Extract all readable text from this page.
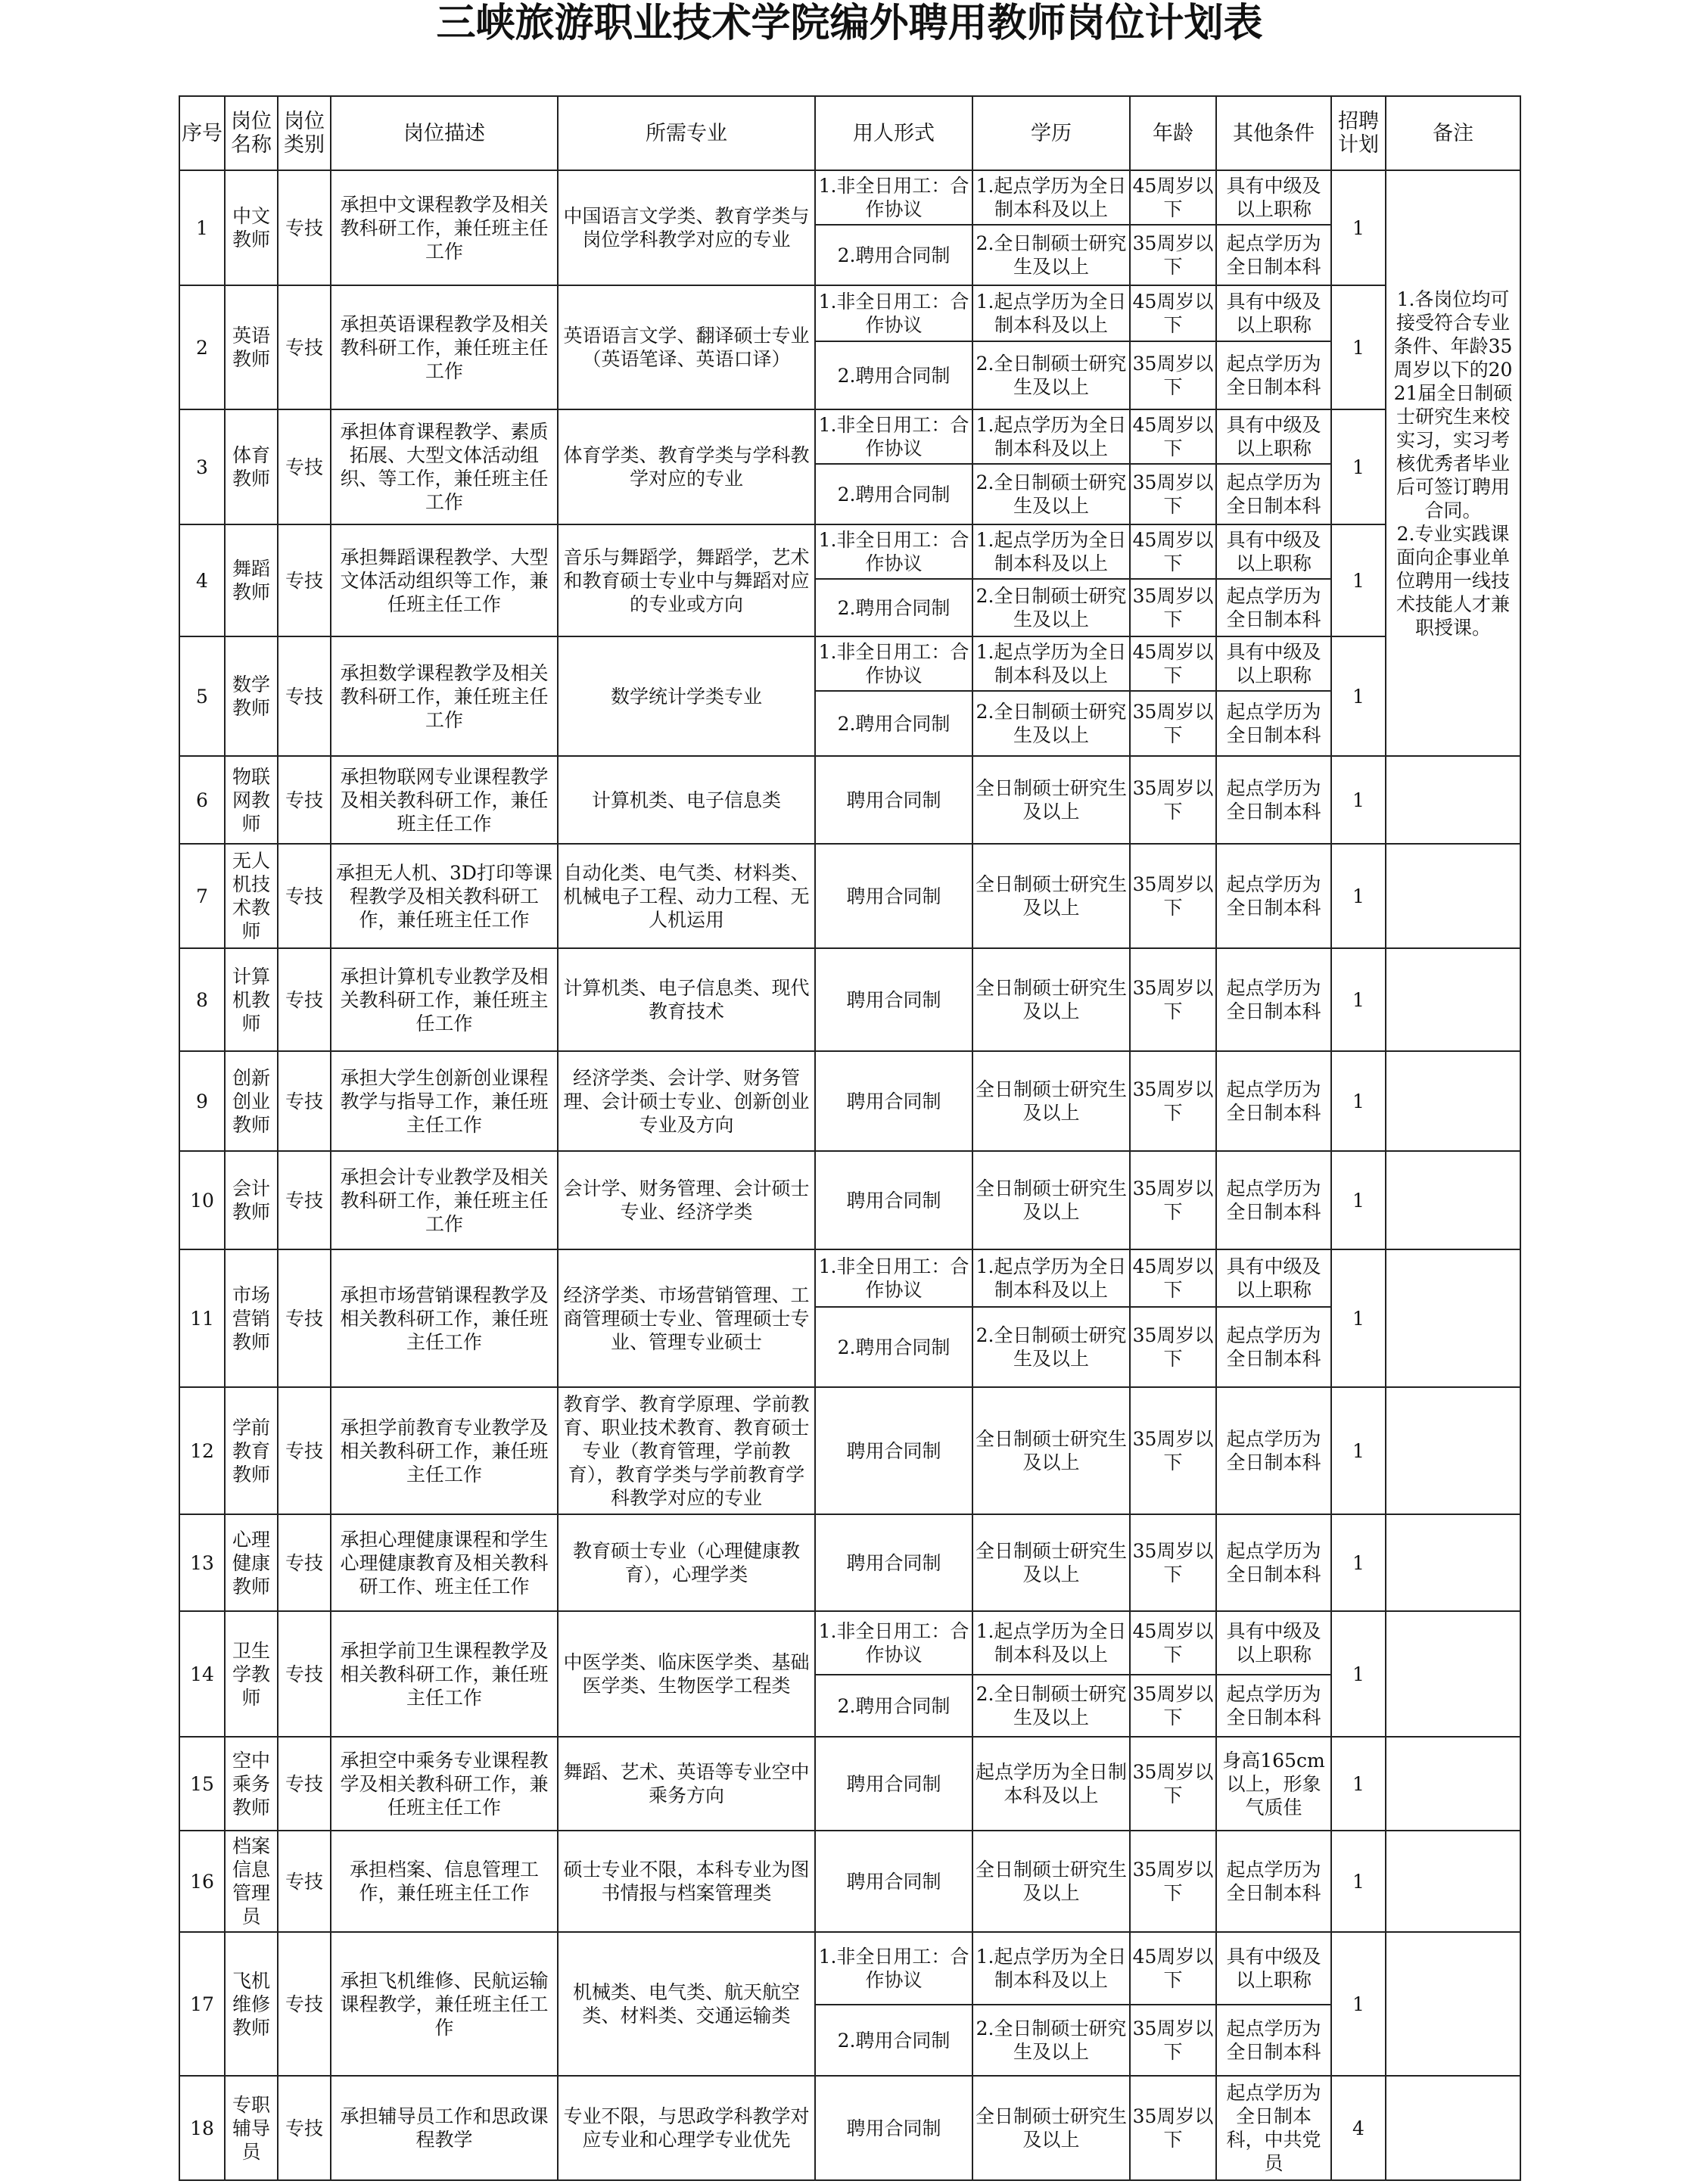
三峡旅游职业技术学院编外聘用教师岗位计划表
序号	岗位名称	岗位类别	岗位描述	所需专业	用人形式	学历	年龄	其他条件	招聘计划	备注
1	中文教师	专技	承担中文课程教学及相关教科研工作，兼任班主任工作	中国语言文学类、教育学类与岗位学科教学对应的专业	1.非全日用工：合作协议	1.起点学历为全日制本科及以上	45周岁以下	具有中级及以上职称	1	1.各岗位均可接受符合专业条件、年龄35周岁以下的2021届全日制硕士研究生来校实习，实习考核优秀者毕业后可签订聘用合同。
2.专业实践课面向企事业单位聘用一线技术技能人才兼职授课。
					2.聘用合同制	2.全日制硕士研究生及以上	35周岁以下	起点学历为全日制本科		
2	英语教师	专技	承担英语课程教学及相关教科研工作，兼任班主任工作	英语语言文学、翻译硕士专业（英语笔译、英语口译）	1.非全日用工：合作协议	1.起点学历为全日制本科及以上	45周岁以下	具有中级及以上职称	1	
					2.聘用合同制	2.全日制硕士研究生及以上	35周岁以下	起点学历为全日制本科		
3	体育教师	专技	承担体育课程教学、素质拓展、大型文体活动组织、等工作，兼任班主任工作	体育学类、教育学类与学科教学对应的专业	1.非全日用工：合作协议	1.起点学历为全日制本科及以上	45周岁以下	具有中级及以上职称	1	
					2.聘用合同制	2.全日制硕士研究生及以上	35周岁以下	起点学历为全日制本科		
4	舞蹈教师	专技	承担舞蹈课程教学、大型文体活动组织等工作，兼任班主任工作	音乐与舞蹈学，舞蹈学，艺术和教育硕士专业中与舞蹈对应的专业或方向	1.非全日用工：合作协议	1.起点学历为全日制本科及以上	45周岁以下	具有中级及以上职称	1	
					2.聘用合同制	2.全日制硕士研究生及以上	35周岁以下	起点学历为全日制本科		
5	数学教师	专技	承担数学课程教学及相关教科研工作，兼任班主任工作	数学统计学类专业	1.非全日用工：合作协议	1.起点学历为全日制本科及以上	45周岁以下	具有中级及以上职称	1	
					2.聘用合同制	2.全日制硕士研究生及以上	35周岁以下	起点学历为全日制本科		
6	物联网教师	专技	承担物联网专业课程教学及相关教科研工作，兼任班主任工作	计算机类、电子信息类	聘用合同制	全日制硕士研究生及以上	35周岁以下	起点学历为全日制本科	1	
7	无人机技术教师	专技	承担无人机、3D打印等课程教学及相关教科研工作，兼任班主任工作	自动化类、电气类、材料类、机械电子工程、动力工程、无人机运用	聘用合同制	全日制硕士研究生及以上	35周岁以下	起点学历为全日制本科	1	
8	计算机教师	专技	承担计算机专业教学及相关教科研工作，兼任班主任工作	计算机类、电子信息类、现代教育技术	聘用合同制	全日制硕士研究生及以上	35周岁以下	起点学历为全日制本科	1	
9	创新创业教师	专技	承担大学生创新创业课程教学与指导工作，兼任班主任工作	经济学类、会计学、财务管理、会计硕士专业、创新创业专业及方向	聘用合同制	全日制硕士研究生及以上	35周岁以下	起点学历为全日制本科	1	
10	会计教师	专技	承担会计专业教学及相关教科研工作，兼任班主任工作	会计学、财务管理、会计硕士专业、经济学类	聘用合同制	全日制硕士研究生及以上	35周岁以下	起点学历为全日制本科	1	
11	市场营销教师	专技	承担市场营销课程教学及相关教科研工作，兼任班主任工作	经济学类、市场营销管理、工商管理硕士专业、管理硕士专业、管理专业硕士	1.非全日用工：合作协议	1.起点学历为全日制本科及以上	45周岁以下	具有中级及以上职称	1	
					2.聘用合同制	2.全日制硕士研究生及以上	35周岁以下	起点学历为全日制本科		
12	学前教育教师	专技	承担学前教育专业教学及相关教科研工作，兼任班主任工作	教育学、教育学原理、学前教育、职业技术教育、教育硕士专业（教育管理，学前教育），教育学类与学前教育学科教学对应的专业	聘用合同制	全日制硕士研究生及以上	35周岁以下	起点学历为全日制本科	1	
13	心理健康教师	专技	承担心理健康课程和学生心理健康教育及相关教科研工作、班主任工作	教育硕士专业（心理健康教育），心理学类	聘用合同制	全日制硕士研究生及以上	35周岁以下	起点学历为全日制本科	1	
14	卫生学教师	专技	承担学前卫生课程教学及相关教科研工作，兼任班主任工作	中医学类、临床医学类、基础医学类、生物医学工程类	1.非全日用工：合作协议	1.起点学历为全日制本科及以上	45周岁以下	具有中级及以上职称	1	
					2.聘用合同制	2.全日制硕士研究生及以上	35周岁以下	起点学历为全日制本科		
15	空中乘务教师	专技	承担空中乘务专业课程教学及相关教科研工作，兼任班主任工作	舞蹈、艺术、英语等专业空中乘务方向	聘用合同制	起点学历为全日制本科及以上	35周岁以下	身高165cm以上，形象气质佳	1	
16	档案信息管理员	专技	承担档案、信息管理工作，兼任班主任工作	硕士专业不限，本科专业为图书情报与档案管理类	聘用合同制	全日制硕士研究生及以上	35周岁以下	起点学历为全日制本科	1	
17	飞机维修教师	专技	承担飞机维修、民航运输课程教学，兼任班主任工作	机械类、电气类、航天航空类、材料类、交通运输类	1.非全日用工：合作协议	1.起点学历为全日制本科及以上	45周岁以下	具有中级及以上职称	1	
					2.聘用合同制	2.全日制硕士研究生及以上	35周岁以下	起点学历为全日制本科		
18	专职辅导员	专技	承担辅导员工作和思政课程教学	专业不限，与思政学科教学对应专业和心理学专业优先	聘用合同制	全日制硕士研究生及以上	35周岁以下	起点学历为全日制本科，中共党员	4	
